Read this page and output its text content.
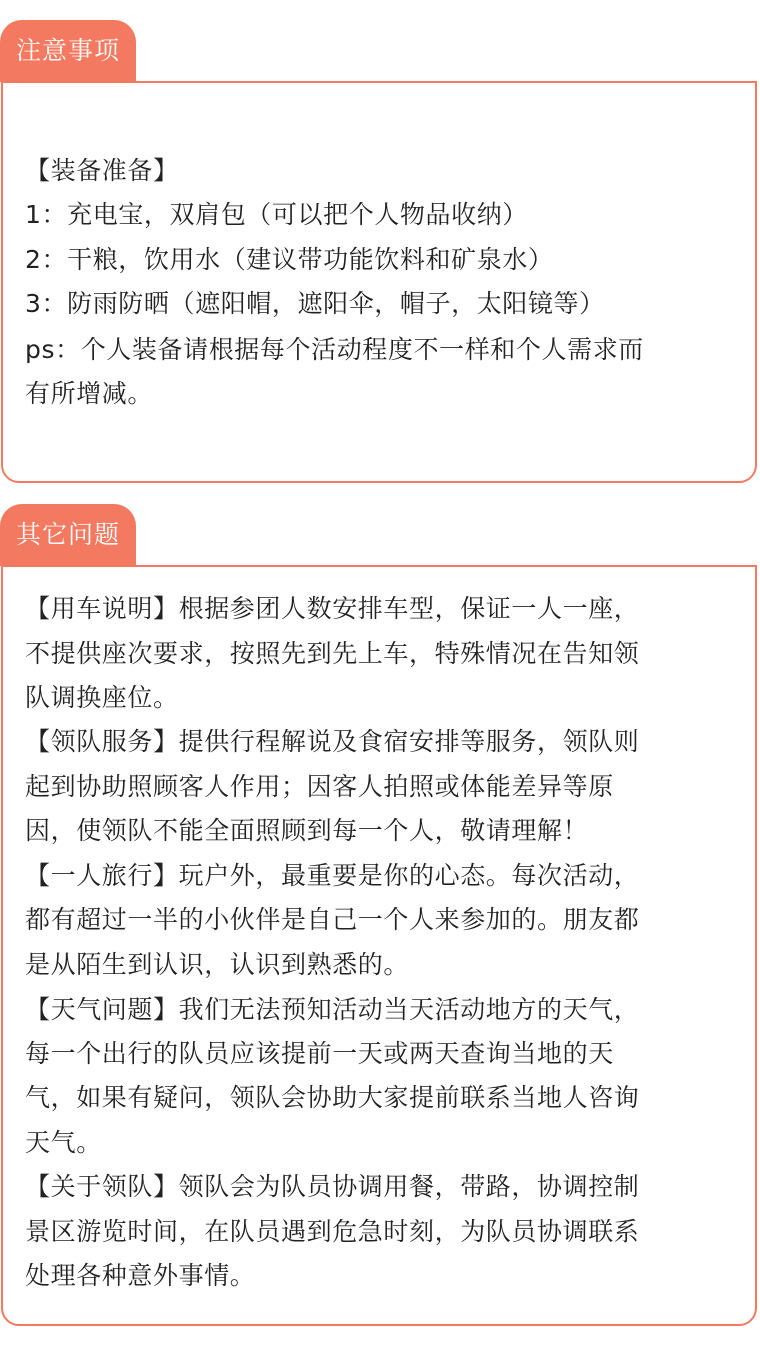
注意事项
【装备准备】
1：充电宝，双肩包（可以把个人物品收纳）
2：干粮，饮用水（建议带功能饮料和矿泉水）
3：防雨防晒（遮阳帽，遮阳伞，帽子，太阳镜等）
ps：个人装备请根据每个活动程度不一样和个人需求而
有所增减。
其它问题
【用车说明】根据参团人数安排车型，保证一人一座，
不提供座次要求，按照先到先上车，特殊情况在告知领
队调换座位。
【领队服务】提供行程解说及食宿安排等服务，领队则
起到协助照顾客人作用；因客人拍照或体能差异等原
因，使领队不能全面照顾到每一个人，敬请理解！
【一人旅行】玩户外，最重要是你的心态。每次活动，
都有超过一半的小伙伴是自己一个人来参加的。朋友都
是从陌生到认识，认识到熟悉的。
【天气问题】我们无法预知活动当天活动地方的天气，
每一个出行的队员应该提前一天或两天查询当地的天
气，如果有疑问，领队会协助大家提前联系当地人咨询
天气。
【关于领队】领队会为队员协调用餐，带路，协调控制
景区游览时间，在队员遇到危急时刻，为队员协调联系
处理各种意外事情。
